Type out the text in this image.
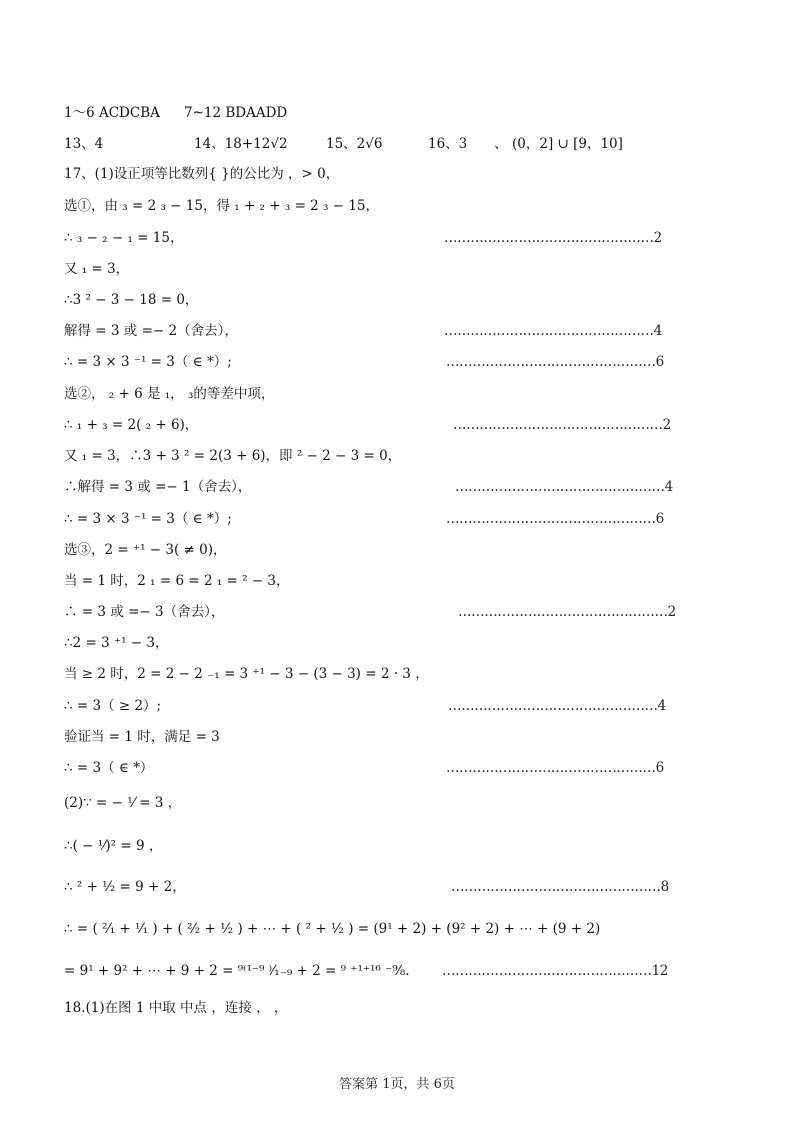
1～6 ACDCBA 7~12 BDAADD
13、4	14、18+12√2	15、2√6	16、3 、 (0，2] ∪ [9，10]
17、(1)设正项等比数列{ }的公比为 ，> 0，
选①，由 ₃ = 2 ₃ − 15，得 ₁ + ₂ + ₃ = 2 ₃ − 15，
∴ ₃ − ₂ − ₁ = 15，	…………………………………………2
又 ₁ = 3，
∴3 ² − 3 − 18 = 0，
解得 = 3 或 =− 2（舍去），	…………………………………………4
∴ = 3 × 3 ⁻¹ = 3（ ∈ *）;	…………………………………………6
选②， ₂ + 6 是 ₁， ₃的等差中项，
∴ ₁ + ₃ = 2( ₂ + 6)，	…………………………………………2
又 ₁ = 3，∴3 + 3 ² = 2(3 + 6)，即 ² − 2 − 3 = 0，
∴解得 = 3 或 =− 1（舍去），	…………………………………………4
∴ = 3 × 3 ⁻¹ = 3（ ∈ *）;	…………………………………………6
选③，2 = ⁺¹ − 3( ≠ 0)，
当 = 1 时，2 ₁ = 6 = 2 ₁ = ² − 3，
∴ = 3 或 =− 3（舍去），	…………………………………………2
∴2 = 3 ⁺¹ − 3，
当 ≥ 2 时，2 = 2 − 2 ₋₁ = 3 ⁺¹ − 3 − (3 − 3) = 2 · 3 ，
∴ = 3（ ≥ 2）;	…………………………………………4
验证当 = 1 时，满足 = 3
∴ = 3（ ∈ *）	…………………………………………6
(2)∵ = − ¹⁄ = 3 ，
∴( − ¹⁄)² = 9 ，
∴ ² + ¹⁄₂ = 9 + 2，	…………………………………………8
∴ = ( ²⁄₁ + ¹⁄₁ ) + ( ²⁄₂ + ¹⁄₂ ) + ⋯ + ( ² + ¹⁄₂ ) = (9¹ + 2) + (9² + 2) + ⋯ + (9 + 2)
= 9¹ + 9² + ⋯ + 9 + 2 = ⁹⁽¹⁻⁹ ⁾⁄₁₋₉ + 2 = ⁹ ⁺¹⁺¹⁶ ⁻⁹⁄₈. …………………………………………12
18.(1)在图 1 中取 中点 ，连接 ， ，
答案第 1页，共 6页
